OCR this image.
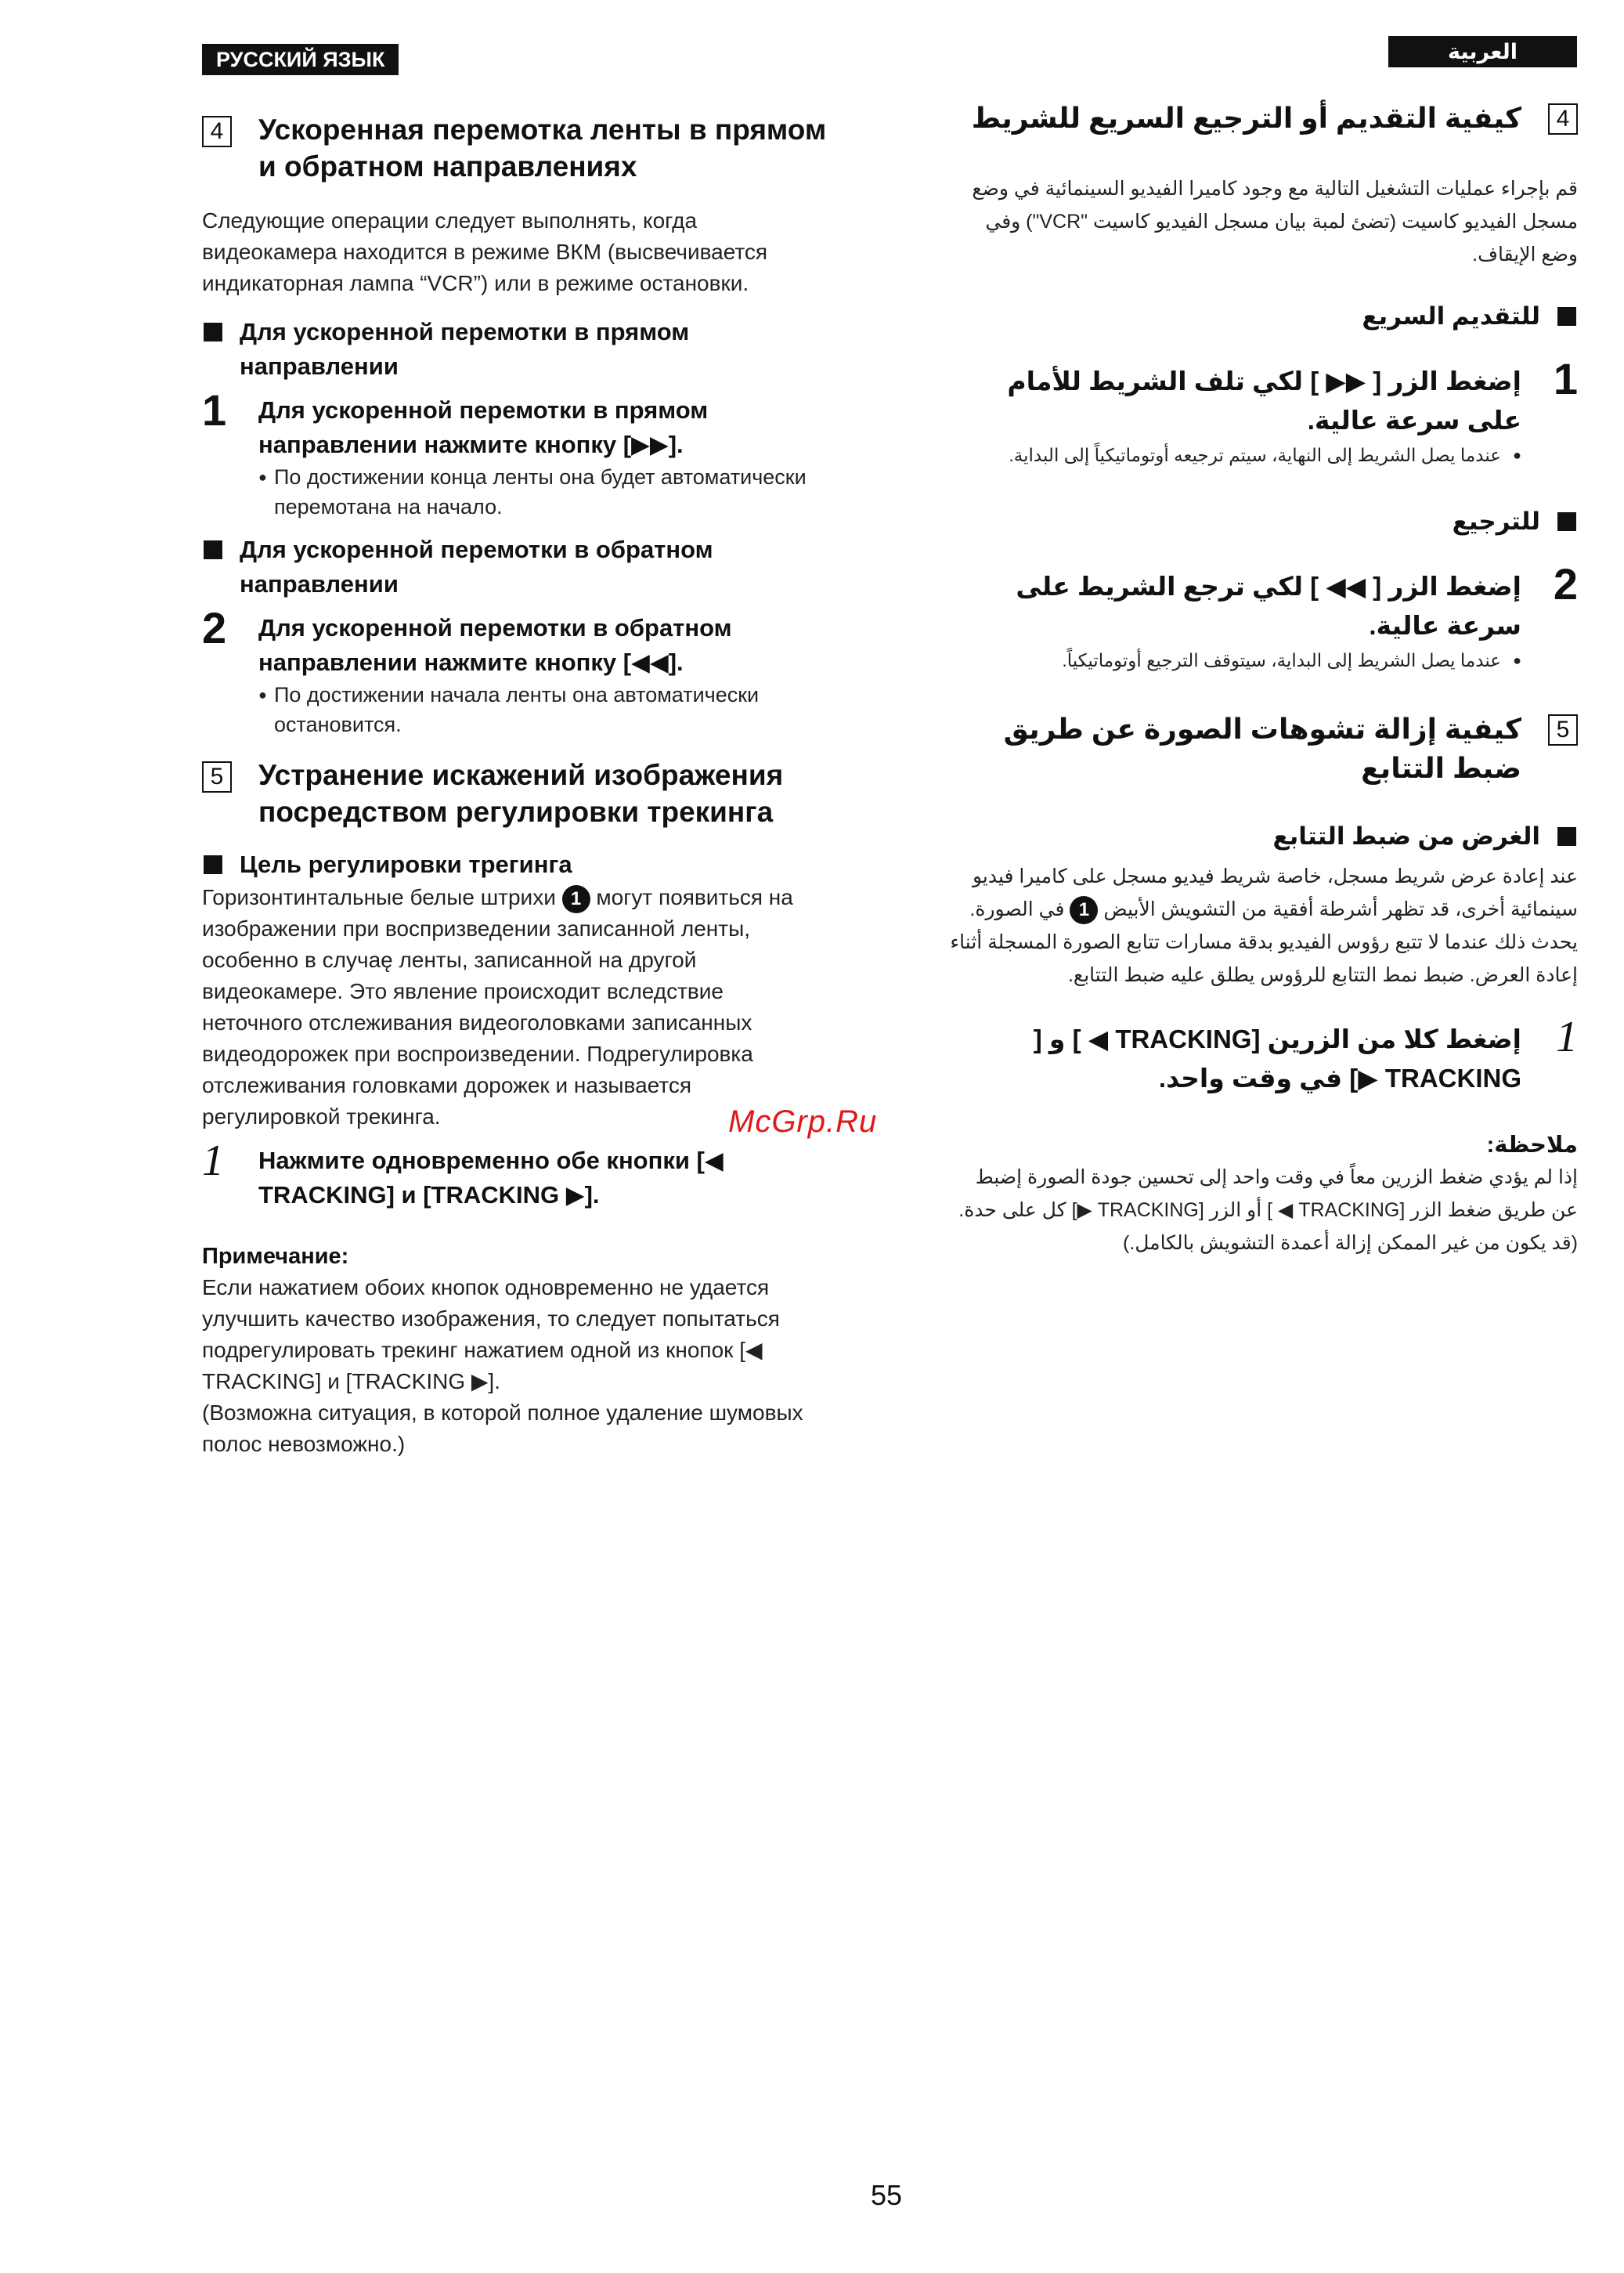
РУССКИЙ ЯЗЫК	العربية
4 Ускоренная перемотка ленты в прямом и обратном направлениях
Следующие операции следует выполнять, когда видеокамера находится в режиме ВКМ (высвечивается индикаторная лампа “VCR”) или в режиме остановки.
Для ускоренной перемотки в прямом направлении
1 Для ускоренной перемотки в прямом направлении нажмите кнопку [▶▶].
● По достижении конца ленты она будет автоматически перемотана на начало.
Для ускоренной перемотки в обратном направлении
2 Для ускоренной перемотки в обратном направлении нажмите кнопку [◀◀].
● По достижении начала ленты она автоматически остановится.
5 Устранение искажений изображения посредством регулировки трекинга
Цель регулировки трегинга
Горизонтинтальные белые штрихи 1 могут появиться на изображении при воспризведении записанной ленты, особенно в случаę ленты, записанной на другой видеокамере. Это явление происходит вследствие неточного отслеживания видеоголовками записанных видеодорожек при воспроизведении. Подрегулировка отслеживания головками дорожек и называется регулировкой трекинга.
1 Нажмите одновременно обе кнопки [◀ TRACKING] и [TRACKING ▶].
Примечание:
Если нажатием обоих кнопок одновременно не удается улучшить качество изображения, то следует попытаться подрегулировать трекинг нажатием одной из кнопок [◀ TRACKING] и [TRACKING ▶].
(Возможна ситуация, в которой полное удаление шумовых полос невозможно.)
4
كيفية التقديم أو الترجيع السريع للشريط
قم بإجراء عمليات التشغيل التالية مع وجود كاميرا الفيديو السينمائية في وضع مسجل الفيديو كاسيت (تضئ لمبة بيان مسجل الفيديو كاسيت "VCR") وفي وضع الإيقاف.
للتقديم السريع
1
إضغط الزر [ ▶▶ ] لكي تلف الشريط للأمام على سرعة عالية.
● عندما يصل الشريط إلى النهاية، سيتم ترجيعه أوتوماتيكياً إلى البداية.
للترجيع
2
إضغط الزر [ ◀◀ ] لكي ترجع الشريط على سرعة عالية.
● عندما يصل الشريط إلى البداية، سيتوقف الترجيع أوتوماتيكياً.
5
كيفية إزالة تشوهات الصورة عن طريق ضبط التتابع
الغرض من ضبط التتابع
عند إعادة عرض شريط مسجل، خاصة شريط فيديو مسجل على كاميرا فيديو سينمائية أخرى، قد تظهر أشرطة أفقية من التشويش الأبيض 1 في الصورة. يحدث ذلك عندما لا تتبع رؤوس الفيديو بدقة مسارات تتابع الصورة المسجلة أثناء إعادة العرض. ضبط نمط التتابع للرؤوس يطلق عليه ضبط التتابع.
1
إضغط كلا من الزرين [TRACKING ◀ ] و [ TRACKING ▶] في وقت واحد.
ملاحظة:
إذا لم يؤدي ضغط الزرين معاً في وقت واحد إلى تحسين جودة الصورة إضبط عن طريق ضغط الزر [TRACKING ◀ ] أو الزر [TRACKING ▶] كل على حدة.
(قد يكون من غير الممكن إزالة أعمدة التشويش بالكامل.)
McGrp.Ru
55
